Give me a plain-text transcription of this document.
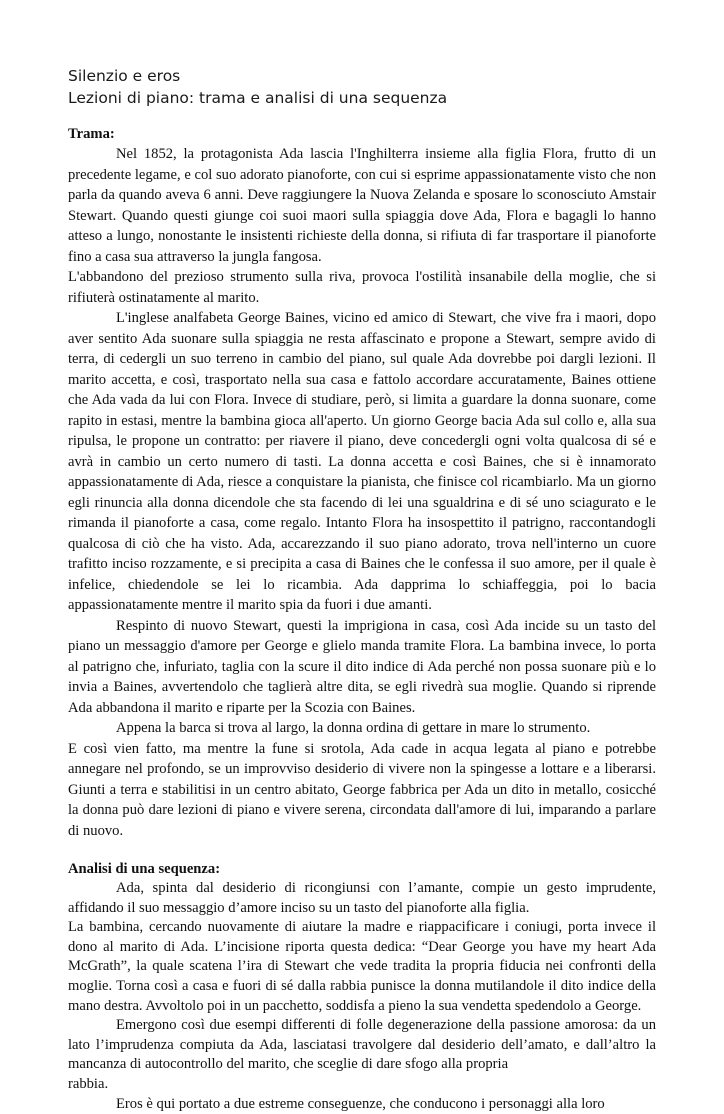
Silenzio e eros
Lezioni di piano: trama e analisi di una sequenza

Trama:

Nel 1852, la protagonista Ada lascia l'Inghilterra insieme alla figlia Flora, frutto di un precedente legame, e col suo adorato pianoforte, con cui si esprime appassionatamente visto che non parla da quando aveva 6 anni. Deve raggiungere la Nuova Zelanda e sposare lo sconosciuto Amstair Stewart. Quando questi giunge coi suoi maori sulla spiaggia dove Ada, Flora e bagagli lo hanno atteso a lungo, nonostante le insistenti richieste della donna, si rifiuta di far trasportare il pianoforte fino a casa sua attraverso la jungla fangosa.

L'abbandono del prezioso strumento sulla riva, provoca l'ostilità insanabile della moglie, che si rifiuterà ostinatamente al marito.

L'inglese analfabeta George Baines, vicino ed amico di Stewart, che vive fra i maori, dopo aver sentito Ada suonare sulla spiaggia ne resta affascinato e propone a Stewart, sempre avido di terra, di cedergli un suo terreno in cambio del piano, sul quale Ada dovrebbe poi dargli lezioni. Il marito accetta, e così, trasportato nella sua casa e fattolo accordare accuratamente, Baines ottiene che Ada vada da lui con Flora. Invece di studiare, però, si limita a guardare la donna suonare, come rapito in estasi, mentre la bambina gioca all'aperto. Un giorno George bacia Ada sul collo e, alla sua ripulsa, le propone un contratto: per riavere il piano, deve concedergli ogni volta qualcosa di sé e avrà in cambio un certo numero di tasti. La donna accetta e così Baines, che si è innamorato appassionatamente di Ada, riesce a conquistare la pianista, che finisce col ricambiarlo. Ma un giorno egli rinuncia alla donna dicendole che sta facendo di lei una sgualdrina e di sé uno sciagurato e le rimanda il pianoforte a casa, come regalo. Intanto Flora ha insospettito il patrigno, raccontandogli qualcosa di ciò che ha visto. Ada, accarezzando il suo piano adorato, trova nell'interno un cuore trafitto inciso rozzamente, e si precipita a casa di Baines che le confessa il suo amore, per il quale è infelice, chiedendole se lei lo ricambia. Ada dapprima lo schiaffeggia, poi lo bacia appassionatamente mentre il marito spia da fuori i due amanti.

Respinto di nuovo Stewart, questi la imprigiona in casa, così Ada incide su un tasto del piano un messaggio d'amore per George e glielo manda tramite Flora. La bambina invece, lo porta al patrigno che, infuriato, taglia con la scure il dito indice di Ada perché non possa suonare più e lo invia a Baines, avvertendolo che taglierà altre dita, se egli rivedrà sua moglie. Quando si riprende Ada abbandona il marito e riparte per la Scozia con Baines.

Appena la barca si trova al largo, la donna ordina di gettare in mare lo strumento.

E così vien fatto, ma mentre la fune si srotola, Ada cade in acqua legata al piano e potrebbe annegare nel profondo, se un improvviso desiderio di vivere non la spingesse a lottare e a liberarsi. Giunti a terra e stabilitisi in un centro abitato, George fabbrica per Ada un dito in metallo, cosicché la donna può dare lezioni di piano e vivere serena, circondata dall'amore di lui, imparando a parlare di nuovo.

Analisi di una sequenza:

Ada, spinta dal desiderio di ricongiunsi con l’amante, compie un gesto imprudente, affidando il suo messaggio d’amore inciso su un tasto del pianoforte alla figlia.

La bambina, cercando nuovamente di aiutare la madre e riappacificare i coniugi, porta invece il dono al marito di Ada. L’incisione riporta questa dedica: “Dear George you have my heart Ada McGrath”, la quale scatena l’ira di Stewart che vede tradita la propria fiducia nei confronti della moglie. Torna così a casa e fuori di sé dalla rabbia punisce la donna mutilandole il dito indice della mano destra. Avvoltolo poi in un pacchetto, soddisfa a pieno la sua vendetta spedendolo a George.

Emergono così due esempi differenti di follе degenerazione della passione amorosa: da un lato l’imprudenza compiuta da Ada, lasciatasi travolgere dal desiderio dell’amato, e dall’altro la mancanza di autocontrollo del marito, che sceglie di dare sfogo alla propria

rabbia.

Eros è qui portato a due estreme conseguenze, che conducono i personaggi alla loro
